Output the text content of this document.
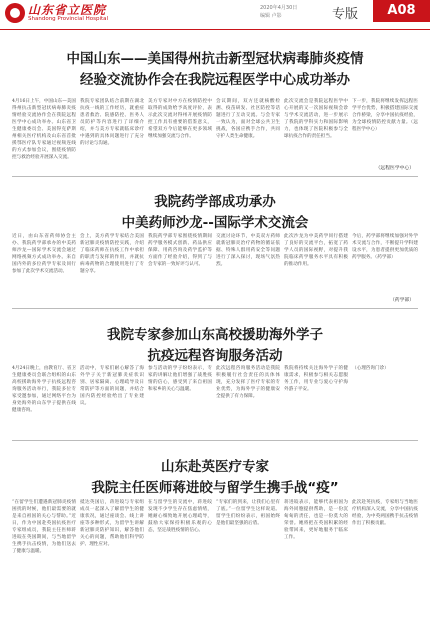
山东省立医院
Shandong Provincial Hospital
2020年4月30日
编辑 卢影	专版	A08
中国山东——美国得州抗击新型冠状病毒肺炎疫情
经验交流协作会在我院远程医学中心成功举办
4月16日上午，中国山东—美国得州抗击新型冠状病毒肺炎疫情经验交流协作会在我院远程医学中心成功举办。山东省卫生健康委员会、美国得克萨斯州相关医疗机构及山东省首批援鄂医疗队专家通过视频连线的方式参加会议，围绕疫情防控与救治经验开展深入交流。
我院专家团队结合前期在湖北抗疫一线的工作经历，就重症患者救治、院感防控、医务人员防护等内容进行了详细介绍，并与美方专家就临床诊疗中遇到的具体问题进行了充分的讨论与沟通。
美方专家对中方在疫情防控中取得的成效给予高度评价，表示此次交流对得州开展疫情防控工作具有重要的借鉴意义，希望双方今后能够在更多领域继续加强交流与合作。
会议期间，双方还就核酸检测、疫苗研发、社区防控等话题进行了互动交流。与会专家一致认为，面对全球公共卫生挑战，各国应携手合作，共同守护人类生命健康。
此次交流会是我院远程医学中心开展的又一次国际视频会诊与学术交流活动，进一步展示了我院的学科实力和国际影响力，也体现了医院积极参与全球抗疫合作的责任担当。
下一步，我院将继续发挥远程医学平台优势，积极搭建国际交流合作桥梁，分享中国抗疫经验，为全球疫情防控贡献力量。（远程医学中心）
（远程医学中心）
我院药学部成功承办
中美药师沙龙--国际学术交流会
近日，由山东省药师协会主办、我院药学部承办的中美药师沙龙—国际学术交流会通过网络视频方式成功举办。来自国内外的多位药学专家及同行参加了此次学术交流活动。
会上，美方药学专家结合美国新冠肺炎疫情防控实践，介绍了临床药师在抗疫工作中承担的职责与发挥的作用，并就抗病毒药物的合理使用进行了专题分享。
我院药学部专家围绕疫情期间药学服务模式创新、药品供应保障、用药咨询及药学监护等方面作了经验介绍，得到了与会专家的一致好评与认可。
交流讨论环节，中美双方药师就新冠肺炎治疗药物的循证依据、特殊人群用药安全等问题进行了深入探讨，现场气氛热烈。
此次沙龙为中美药学同行搭建了良好的交流平台，拓宽了药学人员的国际视野，对提升我院临床药学服务水平具有积极的推动作用。
今后，药学部将继续加强对外学术交流与合作，不断提升学科建设水平，为患者提供更加优质的药学服务。（药学部）
（药学部）
我院专家参加山东高校援助海外学子
抗疫远程咨询服务活动
4月24日晚上，由教育厅、省卫生健康委员会联合组织的山东高校援助海外学子抗疫远程咨询服务活动举行，我院多位专家受邀参加，通过网络平台为身处海外的山东学子提供在线健康咨询。
活动中，专家们耐心解答了海外学子关于新冠肺炎症状识别、居家隔离、心理疏导及日常防护等方面的问题，并结合国内防控经验给出了专业建议。
参与活动的学子纷纷表示，专家的讲解让他们增强了战胜疫情的信心，感受到了来自祖国和家乡的关心与温暖。
此次远程咨询服务活动是我院积极履行社会责任的具体体现，充分发挥了医疗专家的专业优势，为海外学子的健康安全提供了有力保障。
我院将持续关注海外学子的健康需求，积极参与相关志愿服务工作，用专业与爱心守护海外游子平安。
（心理咨询门诊）
山东赴英医疗专家
我院主任医师蒋进皎与留学生携手战“疫”
“在留学生们遭遇新冠肺炎疫情困扰的时候，他们最需要的就是来自祖国的关心与帮助。”近日，作为中国赴英国抗疫医疗专家组成员，我院主任医师蒋进皎在英国期间，与当地留学生携手抗击疫情，为他们送去了健康与温暖。
抵达英国后，蒋进皎与专家组成员一起深入了解留学生的健康状况，通过座谈会、线上讲座等多种形式，为留学生讲解新冠肺炎防护知识，解答他们关心的问题，帮助他们科学防护、理性应对。
在与留学生的交流中，蒋进皎发现不少学生存在焦虑情绪，她耐心细致地开展心理疏导，鼓励大家保持积极乐观的心态，坚定战胜疫情的信心。
“专家们的到来，让我们心里有了底。”一位留学生这样说道。留学生们纷纷表示，祖国始终是他们最坚强的后盾。
蒋进皎表示，能够代表祖国为海外同胞提供帮助，是一份沉甸甸的责任，也是一份莫大的荣誉。她将把在英国积累的经验带回来，更好地服务于临床工作。
此次赴英抗疫，专家组与当地医疗机构深入交流，分享中国抗疫经验，为中英两国携手抗击疫情作出了积极贡献。
